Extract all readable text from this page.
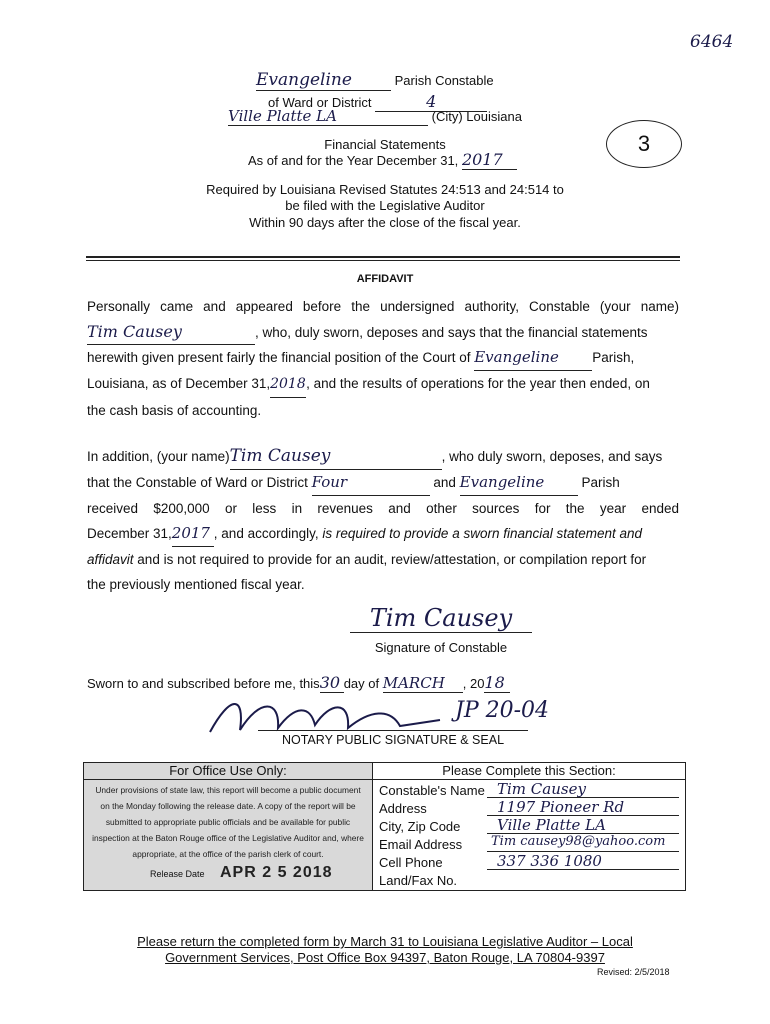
6464
3
Evangeline	Parish Constable
of Ward or District	4
Ville Platte LA	(City) Louisiana
Financial Statements
As of and for the Year December 31, 2017
Required by Louisiana Revised Statutes 24:513 and 24:514 to
be filed with the Legislative Auditor
Within 90 days after the close of the fiscal year.
AFFIDAVIT
Personally came and appeared before the undersigned authority, Constable (your name)
Tim Causey	, who, duly sworn, deposes and says that the financial statements
herewith given present fairly the financial position of the Court of Evangeline Parish,
Louisiana, as of December 31,2018, and the results of operations for the year then ended, on
the cash basis of accounting.
In addition, (your name)Tim Causey	, who duly sworn, deposes, and says
that the Constable of Ward or District Four	and Evangeline	Parish
received $200,000 or less in revenues and other sources for the year ended
December 31,2017 , and accordingly, is required to provide a sworn financial statement and
affidavit and is not required to provide for an audit, review/attestation, or compilation report for
the previously mentioned fiscal year.
Tim Causey
Signature of Constable
Sworn to and subscribed before me, this30 day of MARCH , 2018
JP 20-04
NOTARY PUBLIC SIGNATURE & SEAL
For Office Use Only:
Under provisions of state law, this report will become a public document on the Monday following the release date. A copy of the report will be submitted to appropriate public officials and be available for public inspection at the Baton Rouge office of the Legislative Auditor and, where appropriate, at the office of the parish clerk of court.
Release Date APR 2 5 2018
Please Complete this Section:
Constable's Name Tim Causey
Address	1197 Pioneer Rd
City, Zip Code	Ville Platte LA
Email Address	Tim causey98@yahoo.com
Cell Phone	337 336 1080
Land/Fax No.
Please return the completed form by March 31 to Louisiana Legislative Auditor – Local
Government Services, Post Office Box 94397, Baton Rouge, LA 70804-9397
Revised: 2/5/2018
